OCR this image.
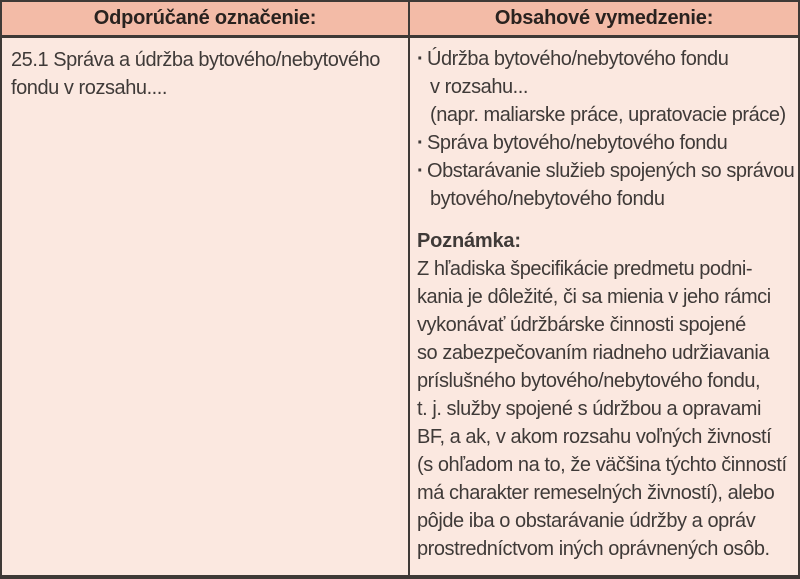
Odporúčané označenie:	Obsahové vymedzenie:
25.1 Správa a údržba bytového/nebytového
fondu v rozsahu....
· Údržba bytového/nebytového fondu
v rozsahu...
(napr. maliarske práce, upratovacie práce)
· Správa bytového/nebytového fondu
· Obstarávanie služieb spojených so správou
bytového/nebytového fondu
Poznámka:
Z hľadiska špecifikácie predmetu podni-
kania je dôležité, či sa mienia v jeho rámci
vykonávať údržbárske činnosti spojené
so zabezpečovaním riadneho udržiavania
príslušného bytového/nebytového fondu,
t. j. služby spojené s údržbou a opravami
BF, a ak, v akom rozsahu voľných živností
(s ohľadom na to, že väčšina týchto činností
má charakter remeselných živností), alebo
pôjde iba o obstarávanie údržby a opráv
prostredníctvom iných oprávnených osôb.
